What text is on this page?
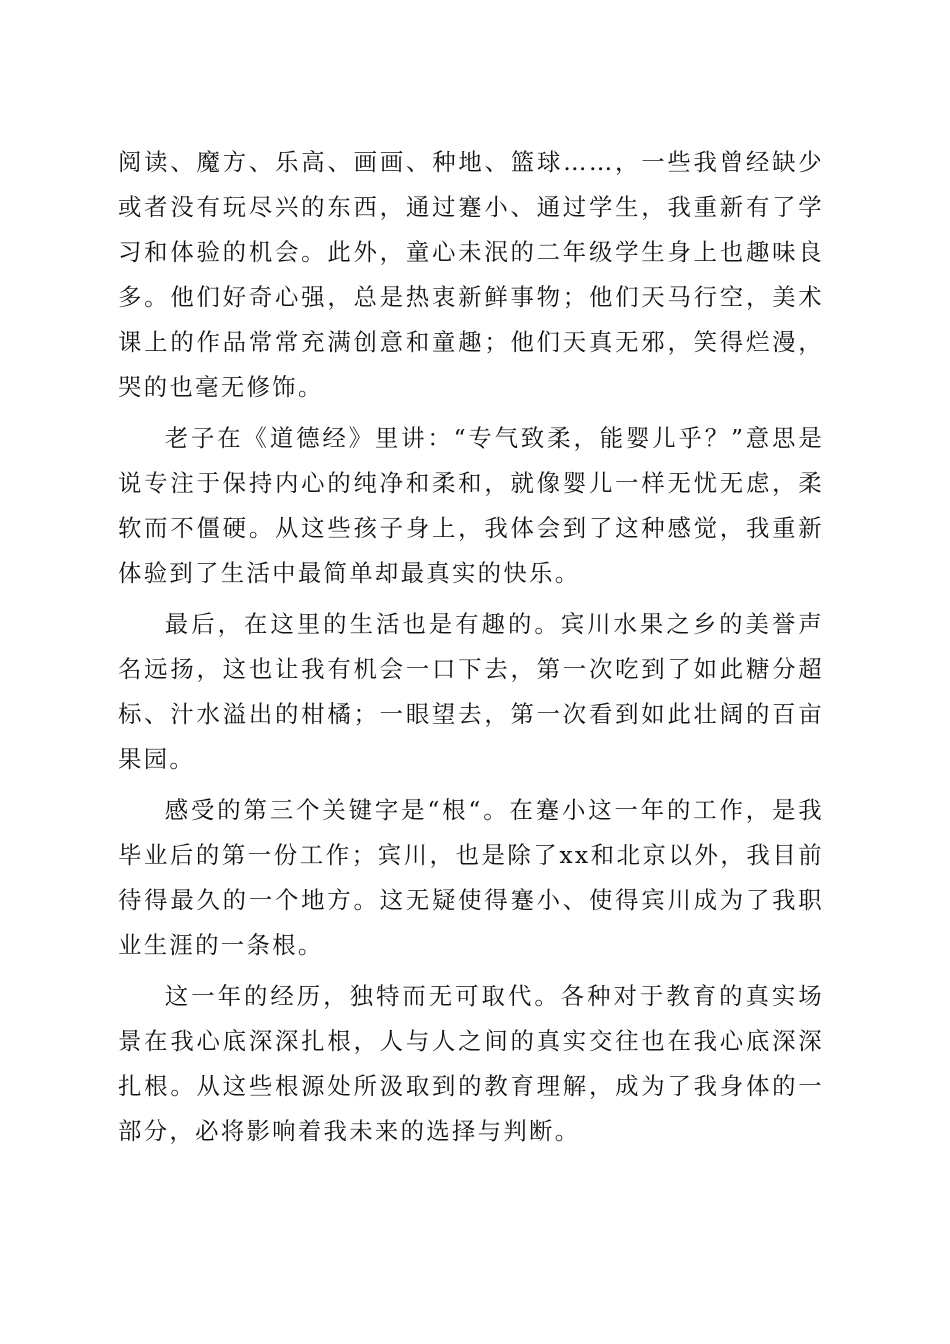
阅读、魔方、乐高、画画、种地、篮球……，一些我曾经缺少或者没有玩尽兴的东西，通过蹇小、通过学生，我重新有了学习和体验的机会。此外，童心未泯的二年级学生身上也趣味良多。他们好奇心强，总是热衷新鲜事物；他们天马行空，美术课上的作品常常充满创意和童趣；他们天真无邪，笑得烂漫，哭的也毫无修饰。

老子在《道德经》里讲：“专气致柔，能婴儿乎？”意思是说专注于保持内心的纯净和柔和，就像婴儿一样无忧无虑，柔软而不僵硬。从这些孩子身上，我体会到了这种感觉，我重新体验到了生活中最简单却最真实的快乐。

最后，在这里的生活也是有趣的。宾川水果之乡的美誉声名远扬，这也让我有机会一口下去，第一次吃到了如此糖分超标、汁水溢出的柑橘；一眼望去，第一次看到如此壮阔的百亩果园。

感受的第三个关键字是“根“。在蹇小这一年的工作，是我毕业后的第一份工作；宾川，也是除了xx和北京以外，我目前待得最久的一个地方。这无疑使得蹇小、使得宾川成为了我职业生涯的一条根。

这一年的经历，独特而无可取代。各种对于教育的真实场景在我心底深深扎根，人与人之间的真实交往也在我心底深深扎根。从这些根源处所汲取到的教育理解，成为了我身体的一部分，必将影响着我未来的选择与判断。
